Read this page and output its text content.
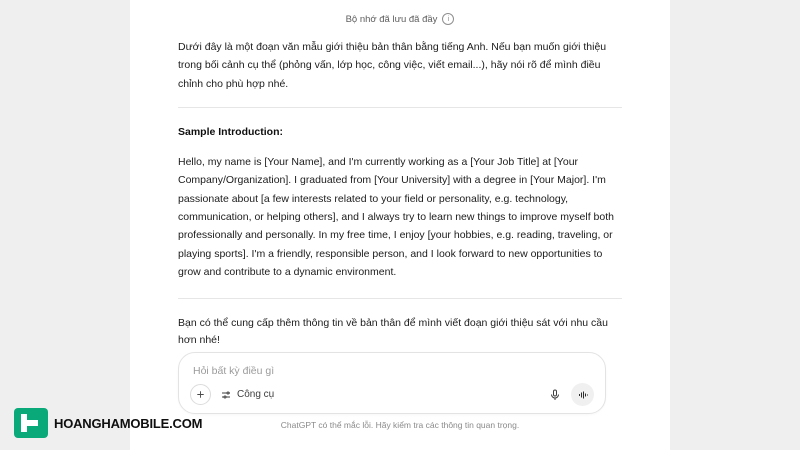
Bộ nhớ đã lưu đã đầy	i

Dưới đây là một đoạn văn mẫu giới thiệu bản thân bằng tiếng Anh. Nếu bạn muốn giới thiệu trong bối cảnh cụ thể (phỏng vấn, lớp học, công việc, viết email...), hãy nói rõ để mình điều chỉnh cho phù hợp nhé.

Sample Introduction:

Hello, my name is [Your Name], and I'm currently working as a [Your Job Title] at [Your Company/Organization]. I graduated from [Your University] with a degree in [Your Major]. I'm passionate about [a few interests related to your field or personality, e.g. technology, communication, or helping others], and I always try to learn new things to improve myself both professionally and personally. In my free time, I enjoy [your hobbies, e.g. reading, traveling, or playing sports]. I'm a friendly, responsible person, and I look forward to new opportunities to grow and contribute to a dynamic environment.

Bạn có thể cung cấp thêm thông tin về bản thân để mình viết đoạn giới thiệu sát với nhu cầu hơn nhé!

Hỏi bất kỳ điều gì
Công cụ
ChatGPT có thể mắc lỗi. Hãy kiểm tra các thông tin quan trọng.
HOANGHAMOBILE.COM
